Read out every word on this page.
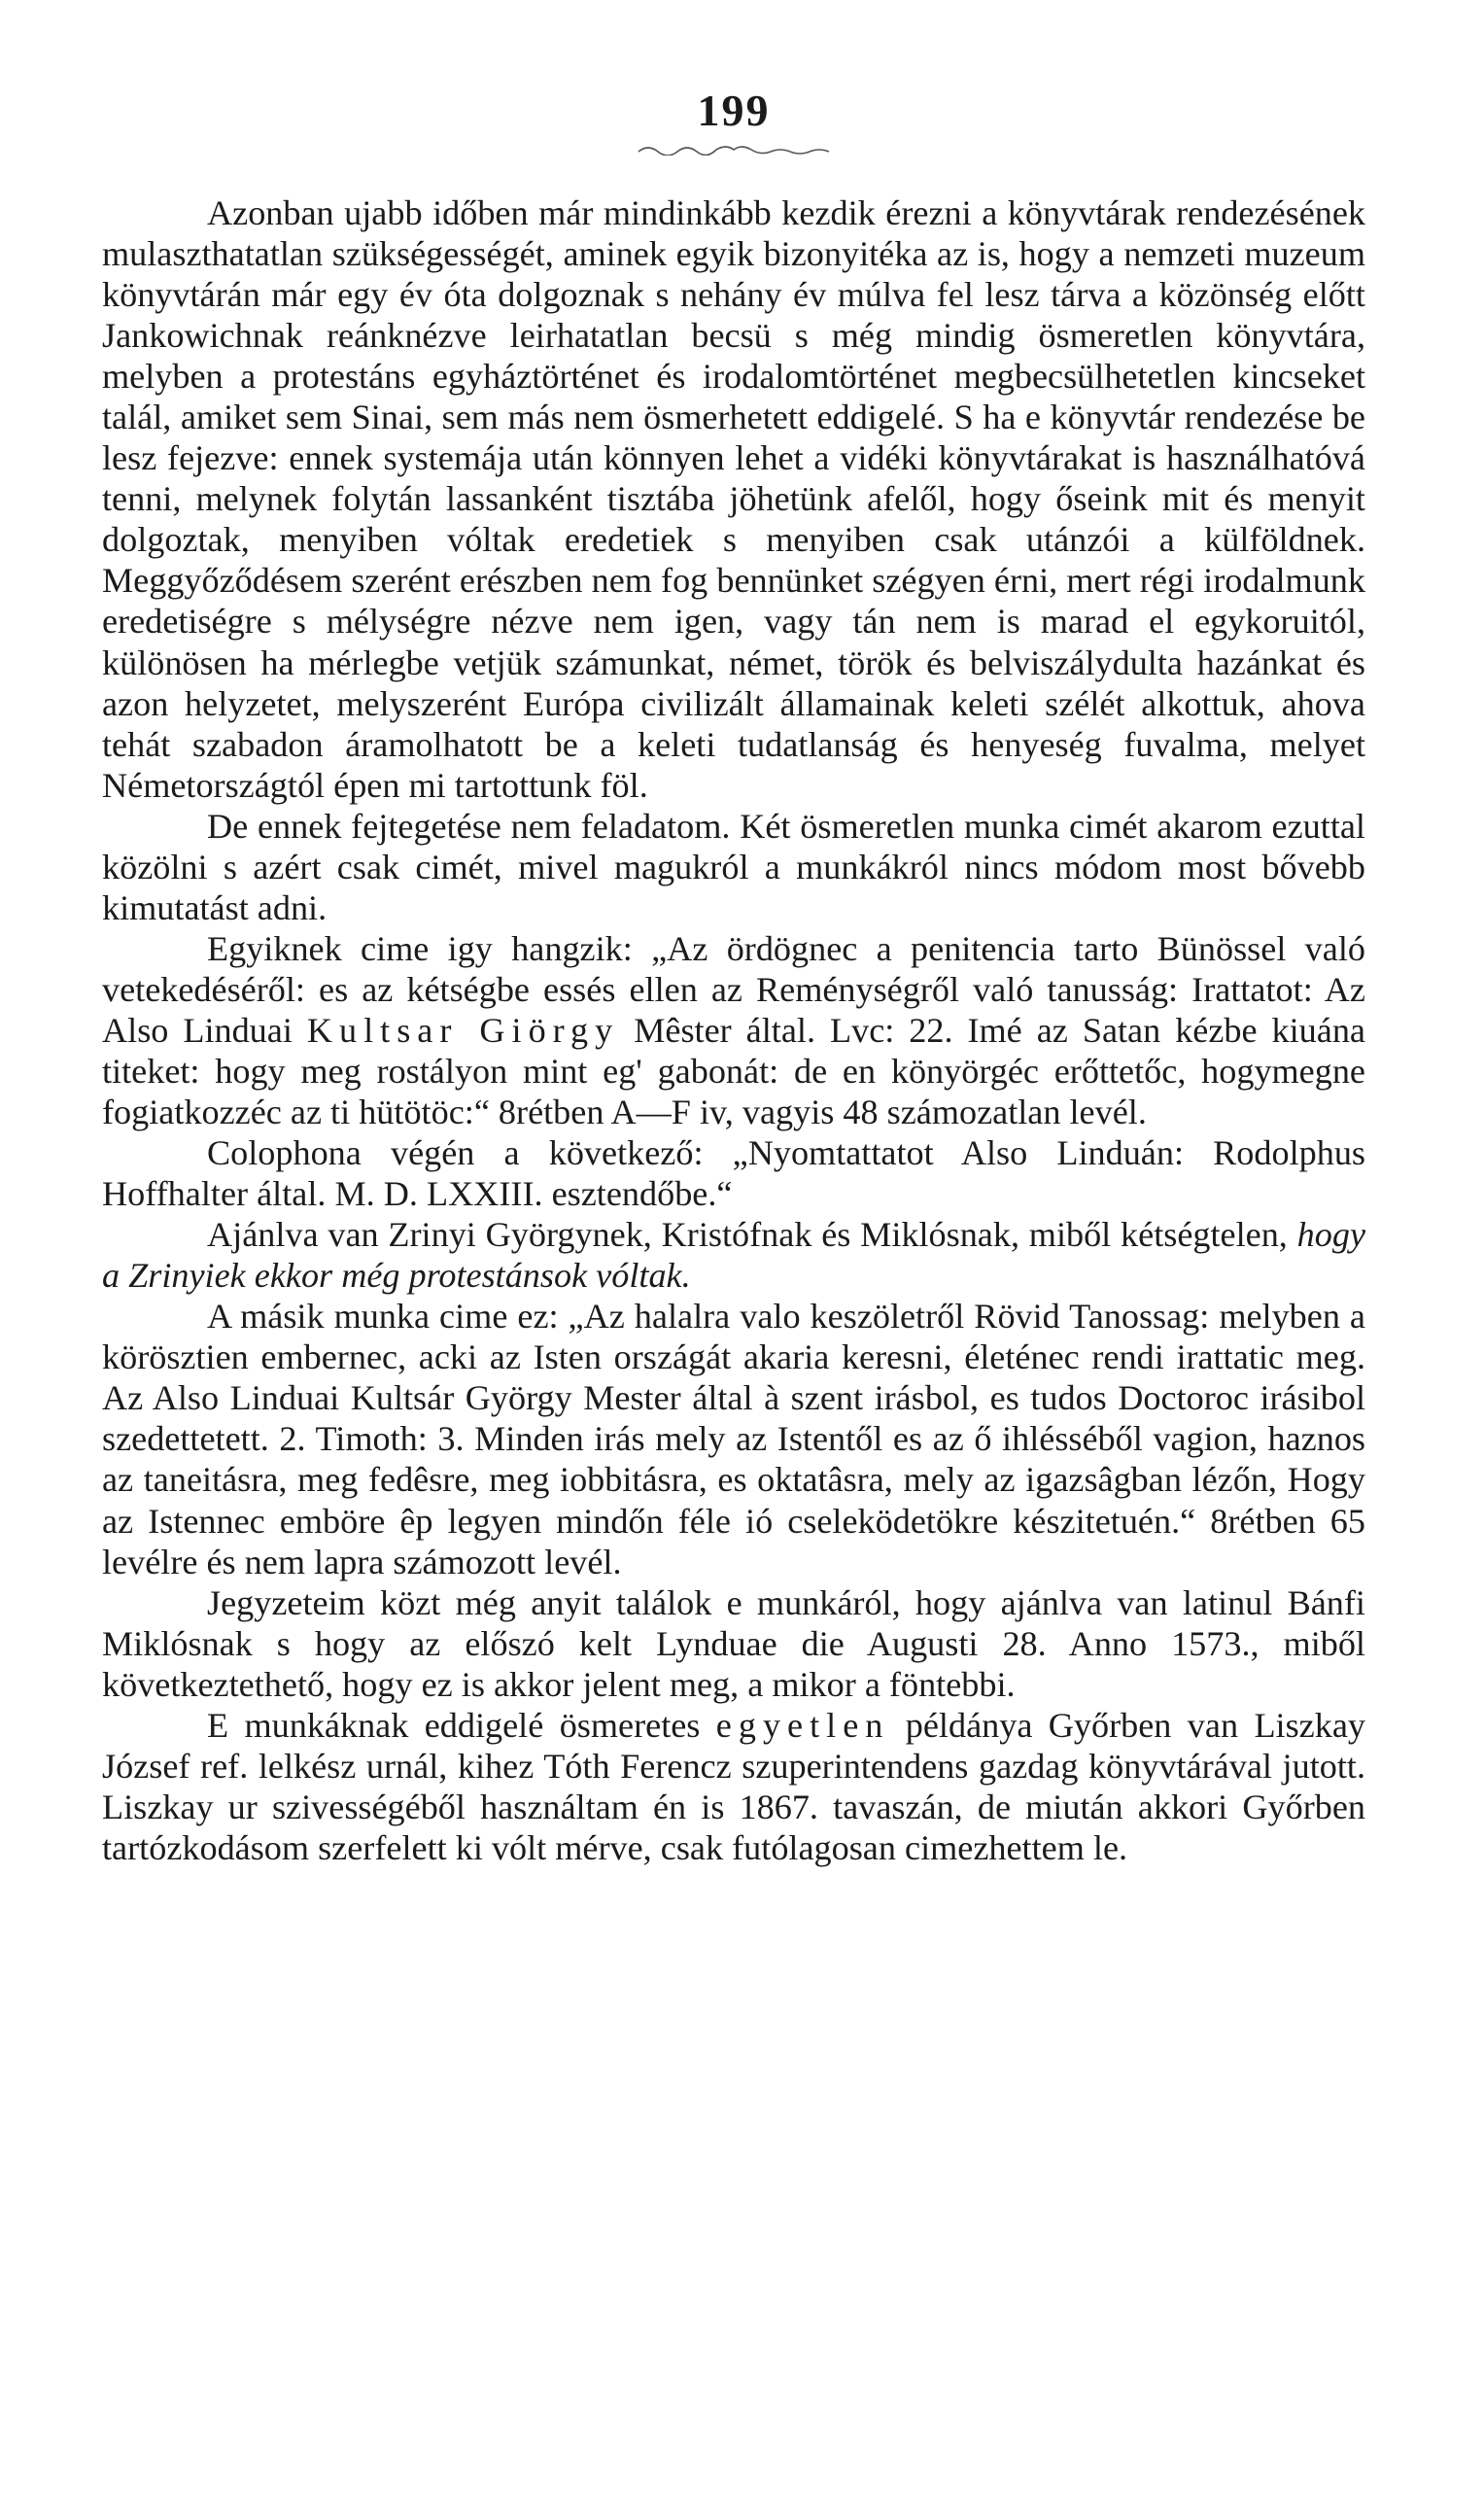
199

Azonban ujabb időben már mindinkább kezdik érezni a könyvtárak rendezésének mulaszthatatlan szükségességét, aminek egyik bizonyitéka az is, hogy a nemzeti muzeum könyvtárán már egy év óta dolgoznak s nehány év múlva fel lesz tárva a közönség előtt Jankowichnak reánknézve leirhatatlan becsü s még mindig ösmeretlen könyvtára, melyben a protestáns egyháztörténet és irodalomtörténet megbecsülhetetlen kincseket talál, amiket sem Sinai, sem más nem ösmerhetett eddigelé. S ha e könyvtár rendezése be lesz fejezve: ennek systemája után könnyen lehet a vidéki könyvtárakat is használhatóvá tenni, melynek folytán lassanként tisztába jöhetünk afelől, hogy őseink mit és menyit dolgoztak, menyiben vóltak eredetiek s menyiben csak utánzói a külföldnek. Meggyőződésem szerént erészben nem fog bennünket szégyen érni, mert régi irodalmunk eredetiségre s mélységre nézve nem igen, vagy tán nem is marad el egykoruitól, különösen ha mérlegbe vetjük számunkat, német, török és belviszálydulta hazánkat és azon helyzetet, melyszerént Európa civilizált államainak keleti szélét alkottuk, ahova tehát szabadon áramolhatott be a keleti tudatlanság és henyeség fuvalma, melyet Németországtól épen mi tartottunk föl.

De ennek fejtegetése nem feladatom. Két ösmeretlen munka cimét akarom ezuttal közölni s azért csak cimét, mivel magukról a munkákról nincs módom most bővebb kimutatást adni.

Egyiknek cime igy hangzik: „Az ördögnec a penitencia tarto Bünössel való vetekedéséről: es az kétségbe essés ellen az Reménységről való tanusság: Irattatot: Az Also Linduai Kultsar Giörgy Mêster által. Lvc: 22. Imé az Satan kézbe kiuána titeket: hogy meg rostályon mint eg' gabonát: de en könyörgéc erőttetőc, hogymegne fogiatkozzéc az ti hütötöc:“ 8rétben A—F iv, vagyis 48 számozatlan levél.

Colophona végén a következő: „Nyomtattatot Also Linduán: Rodolphus Hoffhalter által. M. D. LXXIII. esztendőbe.“

Ajánlva van Zrinyi Györgynek, Kristófnak és Miklósnak, miből kétségtelen, hogy a Zrinyiek ekkor még protestánsok vóltak.

A másik munka cime ez: „Az halalra valo keszöletről Rövid Tanossag: melyben a körösztien embernec, acki az Isten országát akaria keresni, életénec rendi irattatic meg. Az Also Linduai Kultsár György Mester által à szent irásbol, es tudos Doctoroc irásibol szedettetett. 2. Timoth: 3. Minden irás mely az Istentől es az ő ihlésséből vagion, haznos az taneitásra, meg fedêsre, meg iobbitásra, es oktatâsra, mely az igazsâgban lézőn, Hogy az Istennec emböre êp legyen mindőn féle ió cseleködetökre készitetuén.“ 8rétben 65 levélre és nem lapra számozott levél.

Jegyzeteim közt még anyit találok e munkáról, hogy ajánlva van latinul Bánfi Miklósnak s hogy az előszó kelt Lynduae die Augusti 28. Anno 1573., miből következtethető, hogy ez is akkor jelent meg, a mikor a föntebbi.

E munkáknak eddigelé ösmeretes egyetlen példánya Győrben van Liszkay József ref. lelkész urnál, kihez Tóth Ferencz szuperintendens gazdag könyvtárával jutott. Liszkay ur szivességéből használtam én is 1867. tavaszán, de miután akkori Győrben tartózkodásom szerfelett ki vólt mérve, csak futólagosan cimezhettem le.
